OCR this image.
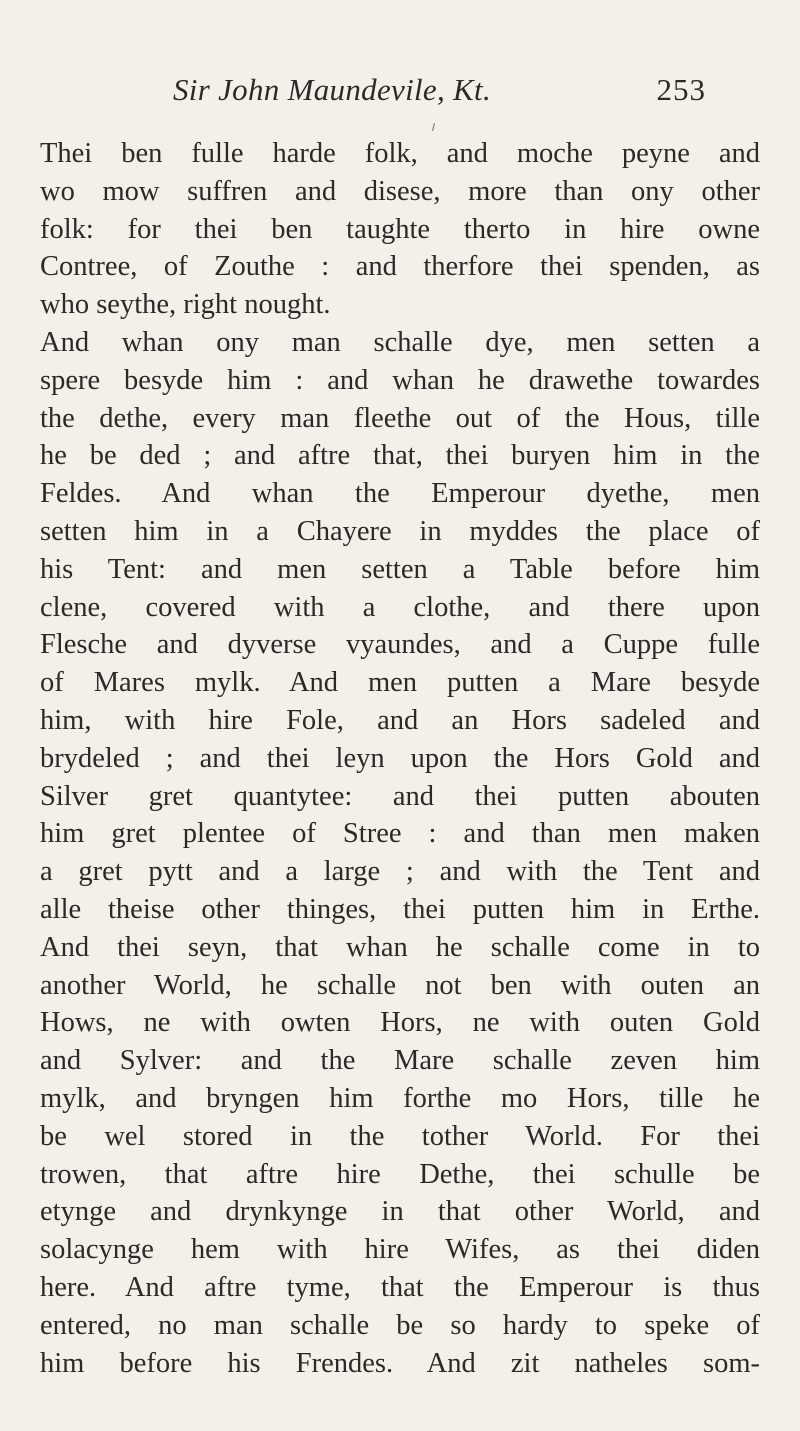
Sir John Maundevile, Kt.	253
Thei ben fulle harde folk, and moche peyne and
wo mow suffren and disese, more than ony other
folk: for thei ben taughte therto in hire owne
Contree, of Zouthe : and therfore thei spenden, as
who seythe, right nought.
And whan ony man schalle dye, men setten a
spere besyde him : and whan he drawethe towardes
the dethe, every man fleethe out of the Hous, tille
he be ded ; and aftre that, thei buryen him in the
Feldes. And whan the Emperour dyethe, men
setten him in a Chayere in myddes the place of
his Tent: and men setten a Table before him
clene, covered with a clothe, and there upon
Flesche and dyverse vyaundes, and a Cuppe fulle
of Mares mylk. And men putten a Mare besyde
him, with hire Fole, and an Hors sadeled and
brydeled ; and thei leyn upon the Hors Gold and
Silver gret quantytee: and thei putten abouten
him gret plentee of Stree : and than men maken
a gret pytt and a large ; and with the Tent and
alle theise other thinges, thei putten him in Erthe.
And thei seyn, that whan he schalle come in to
another World, he schalle not ben with outen an
Hows, ne with owten Hors, ne with outen Gold
and Sylver: and the Mare schalle zeven him
mylk, and bryngen him forthe mo Hors, tille he
be wel stored in the tother World. For thei
trowen, that aftre hire Dethe, thei schulle be
etynge and drynkynge in that other World, and
solacynge hem with hire Wifes, as thei diden
here. And aftre tyme, that the Emperour is thus
entered, no man schalle be so hardy to speke of
him before his Frendes. And zit natheles som-
